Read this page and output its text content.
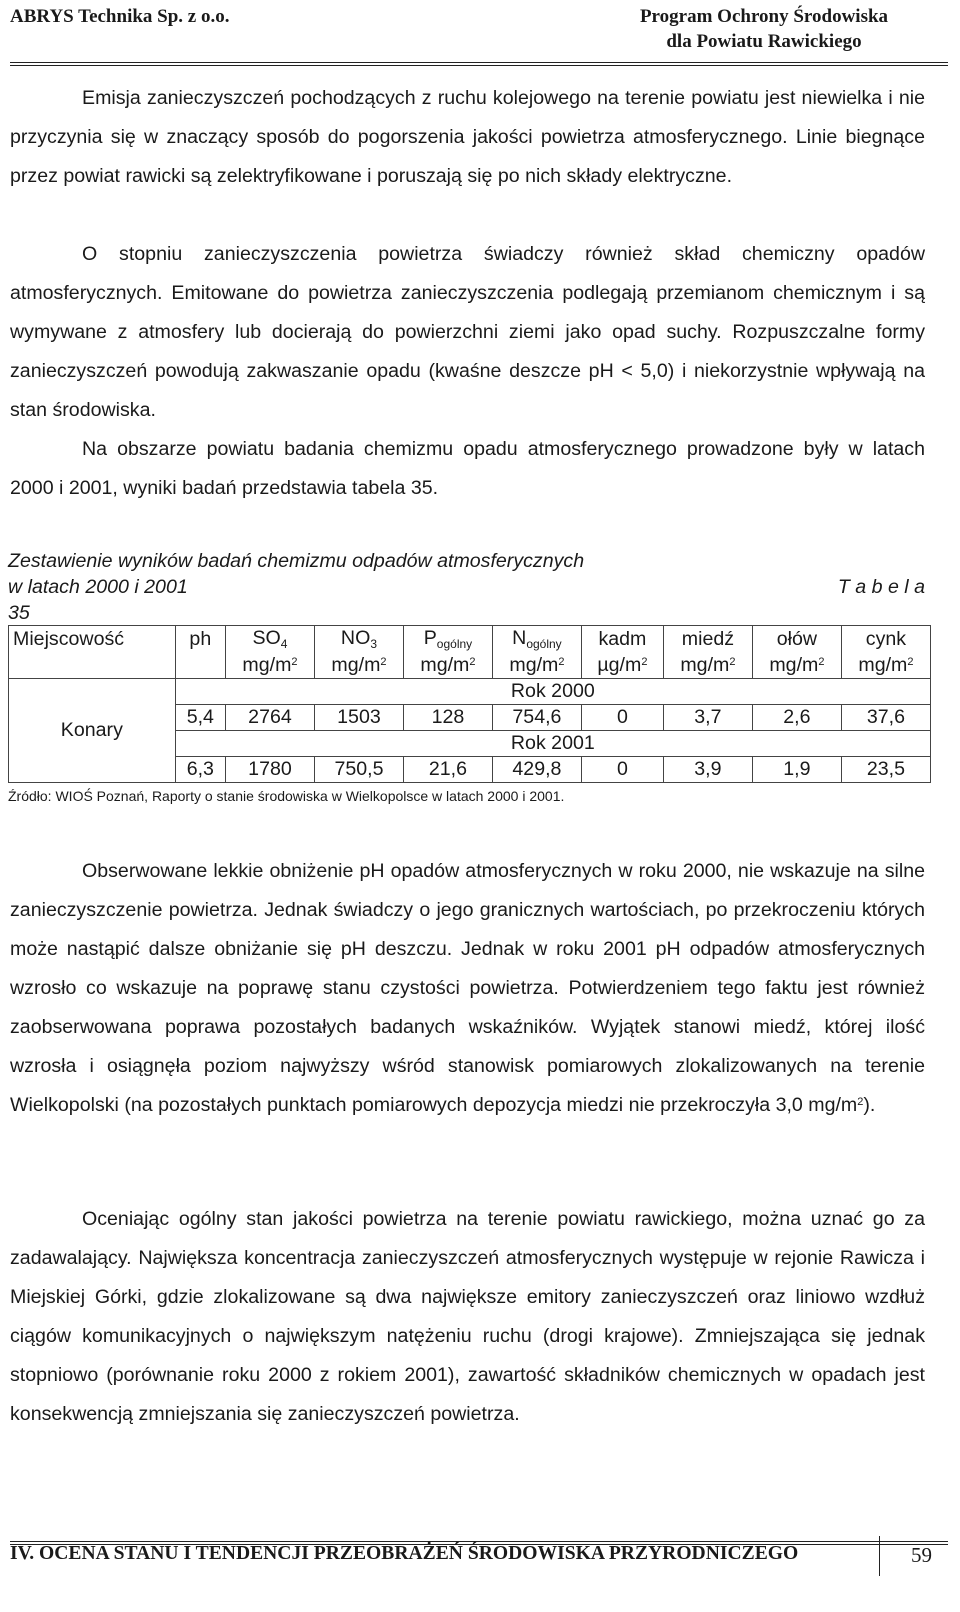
ABRYS Technika Sp. z o.o.	Program Ochrony Środowiska
dla Powiatu Rawickiego

Emisja zanieczyszczeń pochodzących z ruchu kolejowego na terenie powiatu jest niewielka i nie przyczynia się w znaczący sposób do pogorszenia jakości powietrza atmosferycznego. Linie biegnące przez powiat rawicki są zelektryfikowane i poruszają się po nich składy elektryczne.

O stopniu zanieczyszczenia powietrza świadczy również skład chemiczny opadów atmosferycznych. Emitowane do powietrza zanieczyszczenia podlegają przemianom chemicznym i są wymywane z atmosfery lub docierają do powierzchni ziemi jako opad suchy. Rozpuszczalne formy zanieczyszczeń powodują zakwaszanie opadu (kwaśne deszcze pH < 5,0) i niekorzystnie wpływają na stan środowiska.

Na obszarze powiatu badania chemizmu opadu atmosferycznego prowadzone były w latach 2000 i 2001, wyniki badań przedstawia tabela 35.

Zestawienie wyników badań chemizmu odpadów atmosferycznych
w latach 2000 i 2001
35
T a b e l a
Miejscowość	ph	$SO_4$	$NO_3$	$P_{ogólny}$	$N_{ogólny}$	kadm	miedź	ołów	cynk
		$mg/m^2$	$mg/m^2$	$mg/m^2$	$mg/m^2$	$\mu g/m^2$	$mg/m^2$	$mg/m^2$	$mg/m^2$
Konary	Rok 2000								
	5,4	2764	1503	128	754,6	0	3,7	2,6	37,6
	Rok 2001								
	6,3	1780	750,5	21,6	429,8	0	3,9	1,9	23,5
Źródło: WIOŚ Poznań, Raporty o stanie środowiska w Wielkopolsce w latach 2000 i 2001.

Obserwowane lekkie obniżenie pH opadów atmosferycznych w roku 2000, nie wskazuje na silne zanieczyszczenie powietrza. Jednak świadczy o jego granicznych wartościach, po przekroczeniu których może nastąpić dalsze obniżanie się pH deszczu. Jednak w roku 2001 pH odpadów atmosferycznych wzrosło co wskazuje na poprawę stanu czystości powietrza. Potwierdzeniem tego faktu jest również zaobserwowana poprawa pozostałych badanych wskaźników. Wyjątek stanowi miedź, której ilość wzrosła i osiągnęła poziom najwyższy wśród stanowisk pomiarowych zlokalizowanych na terenie Wielkopolski (na pozostałych punktach pomiarowych depozycja miedzi nie przekroczyła 3,0 $mg/m^2$).

Oceniając ogólny stan jakości powietrza na terenie powiatu rawickiego, można uznać go za zadawalający. Największa koncentracja zanieczyszczeń atmosferycznych występuje w rejonie Rawicza i Miejskiej Górki, gdzie zlokalizowane są dwa największe emitory zanieczyszczeń oraz liniowo wzdłuż ciągów komunikacyjnych o największym natężeniu ruchu (drogi krajowe). Zmniejszająca się jednak stopniowo (porównanie roku 2000 z rokiem 2001), zawartość składników chemicznych w opadach jest konsekwencją zmniejszania się zanieczyszczeń powietrza.

IV. OCENA STANU I TENDENCJI PRZEOBRAŻEŃ ŚRODOWISKA PRZYRODNICZEGO	59
